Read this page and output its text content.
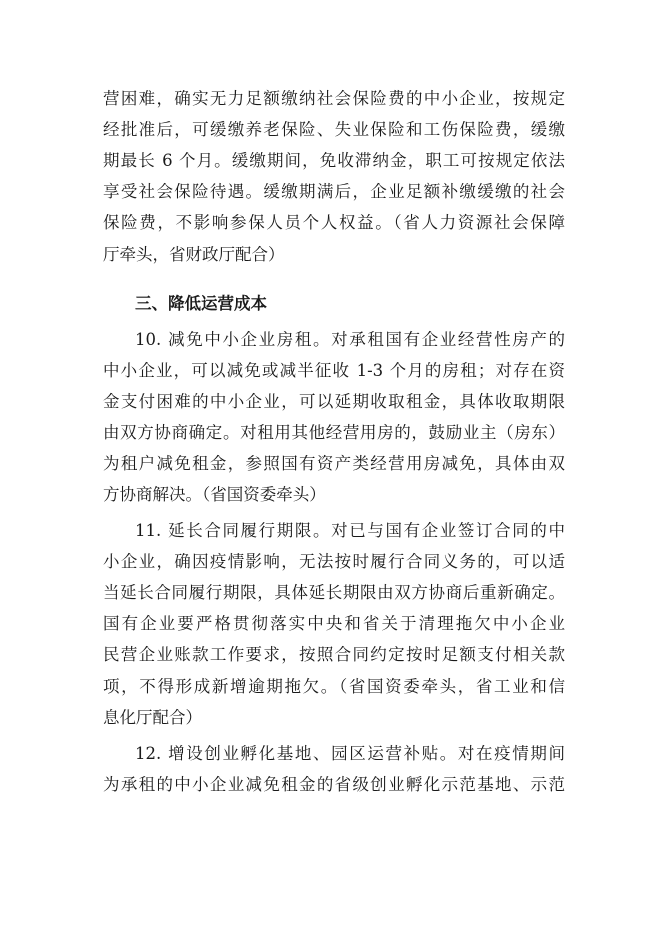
营困难，确实无力足额缴纳社会保险费的中小企业，按规定
经批准后，可缓缴养老保险、失业保险和工伤保险费，缓缴
期最长 6 个月。缓缴期间，免收滞纳金，职工可按规定依法
享受社会保险待遇。缓缴期满后，企业足额补缴缓缴的社会
保险费，不影响参保人员个人权益。（省人力资源社会保障
厅牵头，省财政厅配合）
三、降低运营成本
10. 减免中小企业房租。对承租国有企业经营性房产的
中小企业，可以减免或减半征收 1-3 个月的房租；对存在资
金支付困难的中小企业，可以延期收取租金，具体收取期限
由双方协商确定。对租用其他经营用房的，鼓励业主（房东）
为租户减免租金，参照国有资产类经营用房减免，具体由双
方协商解决。（省国资委牵头）
11. 延长合同履行期限。对已与国有企业签订合同的中
小企业，确因疫情影响，无法按时履行合同义务的，可以适
当延长合同履行期限，具体延长期限由双方协商后重新确定。
国有企业要严格贯彻落实中央和省关于清理拖欠中小企业
民营企业账款工作要求，按照合同约定按时足额支付相关款
项，不得形成新增逾期拖欠。（省国资委牵头，省工业和信
息化厅配合）
12. 增设创业孵化基地、园区运营补贴。对在疫情期间
为承租的中小企业减免租金的省级创业孵化示范基地、示范
